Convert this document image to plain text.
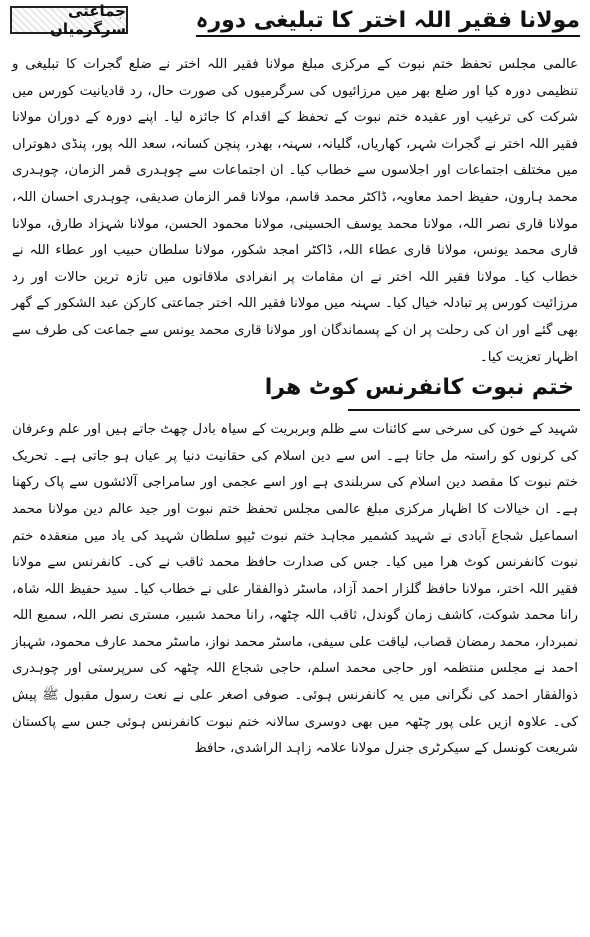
جماعتی سرگرمیاں	مولانا فقیر اللہ اختر کا تبلیغی دورہ

عالمی مجلس تحفظ ختم نبوت کے مرکزی مبلغ مولانا فقیر اللہ اختر نے ضلع گجرات کا تبلیغی و تنظیمی دورہ کیا اور ضلع بھر میں مرزائیوں کی سرگرمیوں کی صورت حال، رد قادیانیت کورس میں شرکت کی ترغیب اور عقیدہ ختم نبوت کے تحفظ کے اقدام کا جائزہ لیا۔ اپنے دورہ کے دوران مولانا فقیر اللہ اختر نے گجرات شہر، کھاریاں، گلیانہ، سہنہ، بھدر، پنچن کسانہ، سعد اللہ پور، پنڈی دھوتراں میں مختلف اجتماعات اور اجلاسوں سے خطاب کیا۔ ان اجتماعات سے چوہدری قمر الزمان، چوہدری محمد ہارون، حفیظ احمد معاویہ، ڈاکٹر محمد قاسم، مولانا قمر الزمان صدیقی، چوہدری احسان اللہ، مولانا قاری نصر اللہ، مولانا محمد یوسف الحسینی، مولانا محمود الحسن، مولانا شہزاد طارق، مولانا قاری محمد یونس، مولانا قاری عطاء اللہ، ڈاکٹر امجد شکور، مولانا سلطان حبیب اور عطاء اللہ نے خطاب کیا۔ مولانا فقیر اللہ اختر نے ان مقامات پر انفرادی ملاقاتوں میں تازہ ترین حالات اور رد مرزائیت کورس پر تبادلہ خیال کیا۔ سہنہ میں مولانا فقیر اللہ اختر جماعتی کارکن عبد الشکور کے گھر بھی گئے اور ان کی رحلت پر ان کے پسماندگان اور مولانا قاری محمد یونس سے جماعت کی طرف سے اظہار تعزیت کیا۔

ختم نبوت کانفرنس کوٹ ھرا

شہید کے خون کی سرخی سے کائنات سے ظلم وبربریت کے سیاہ بادل چھٹ جاتے ہیں اور علم وعرفان کی کرنوں کو راستہ مل جاتا ہے۔ اس سے دین اسلام کی حقانیت دنیا پر عیاں ہو جاتی ہے۔ تحریک ختم نبوت کا مقصد دین اسلام کی سربلندی ہے اور اسے عجمی اور سامراجی آلائشوں سے پاک رکھنا ہے۔ ان خیالات کا اظہار مرکزی مبلغ عالمی مجلس تحفظ ختم نبوت اور جید عالم دین مولانا محمد اسماعیل شجاع آبادی نے شہید کشمیر مجاہد ختم نبوت ٹیپو سلطان شہید کی یاد میں منعقدہ ختم نبوت کانفرنس کوٹ ھرا میں کیا۔ جس کی صدارت حافظ محمد ثاقب نے کی۔ کانفرنس سے مولانا فقیر اللہ اختر، مولانا حافظ گلزار احمد آزاد، ماسٹر ذوالفقار علی نے خطاب کیا۔ سید حفیظ اللہ شاہ، رانا محمد شوکت، کاشف زمان گوندل، ثاقب اللہ چٹھہ، رانا محمد شبیر، مستری نصر اللہ، سمیع اللہ نمبردار، محمد رمضان قصاب، لیاقت علی سیفی، ماسٹر محمد نواز، ماسٹر محمد عارف محمود، شہباز احمد نے مجلس منتظمہ اور حاجی محمد اسلم، حاجی شجاع اللہ چٹھہ کی سرپرستی اور چوہدری ذوالفقار احمد کی نگرانی میں یہ کانفرنس ہوئی۔ صوفی اصغر علی نے نعت رسول مقبول ﷺ پیش کی۔ علاوہ ازیں علی پور چٹھہ میں بھی دوسری سالانہ ختم نبوت کانفرنس ہوئی جس سے پاکستان شریعت کونسل کے سیکرٹری جنرل مولانا علامہ زاہد الراشدی، حافظ
